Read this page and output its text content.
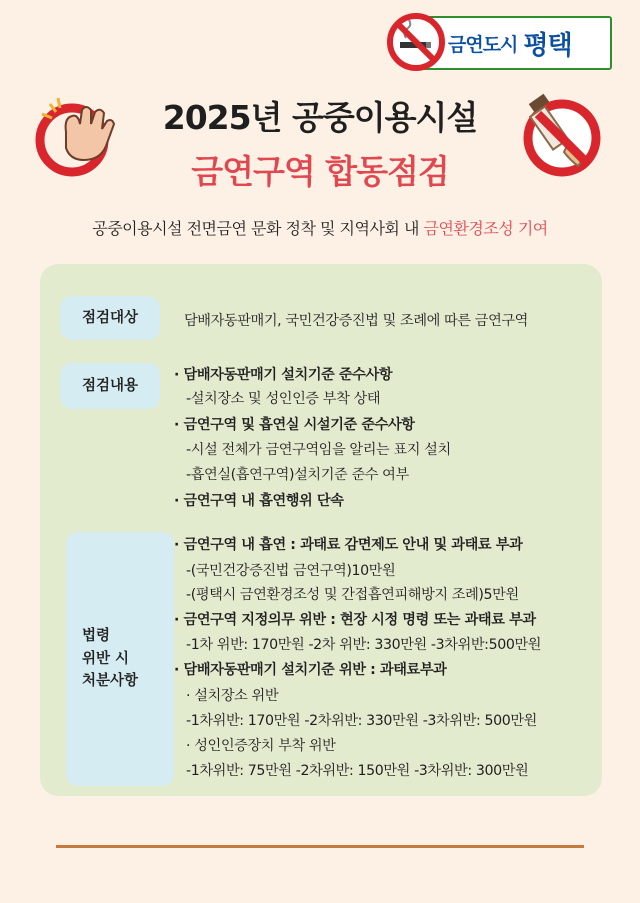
금연도시 평택
2025년 공중이용시설
금연구역 합동점검
공중이용시설 전면금연 문화 정착 및 지역사회 내 금연환경조성 기여
점검대상	담배자동판매기, 국민건강증진법 및 조례에 따른 금연구역
점검내용
· 담배자동판매기 설치기준 준수사항
-설치장소 및 성인인증 부착 상태
· 금연구역 및 흡연실 시설기준 준수사항
-시설 전체가 금연구역임을 알리는 표지 설치
-흡연실(흡연구역)설치기준 준수 여부
· 금연구역 내 흡연행위 단속
법령
위반 시
처분사항
· 금연구역 내 흡연 : 과태료 감면제도 안내 및 과태료 부과
-(국민건강증진법 금연구역)10만원
-(평택시 금연환경조성 및 간접흡연피해방지 조례)5만원
· 금연구역 지정의무 위반 : 현장 시정 명령 또는 과태료 부과
-1차 위반: 170만원 -2차 위반: 330만원 -3차위반:500만원
· 담배자동판매기 설치기준 위반 : 과태료부과
· 설치장소 위반
-1차위반: 170만원 -2차위반: 330만원 -3차위반: 500만원
· 성인인증장치 부착 위반
-1차위반: 75만원 -2차위반: 150만원 -3차위반: 300만원
